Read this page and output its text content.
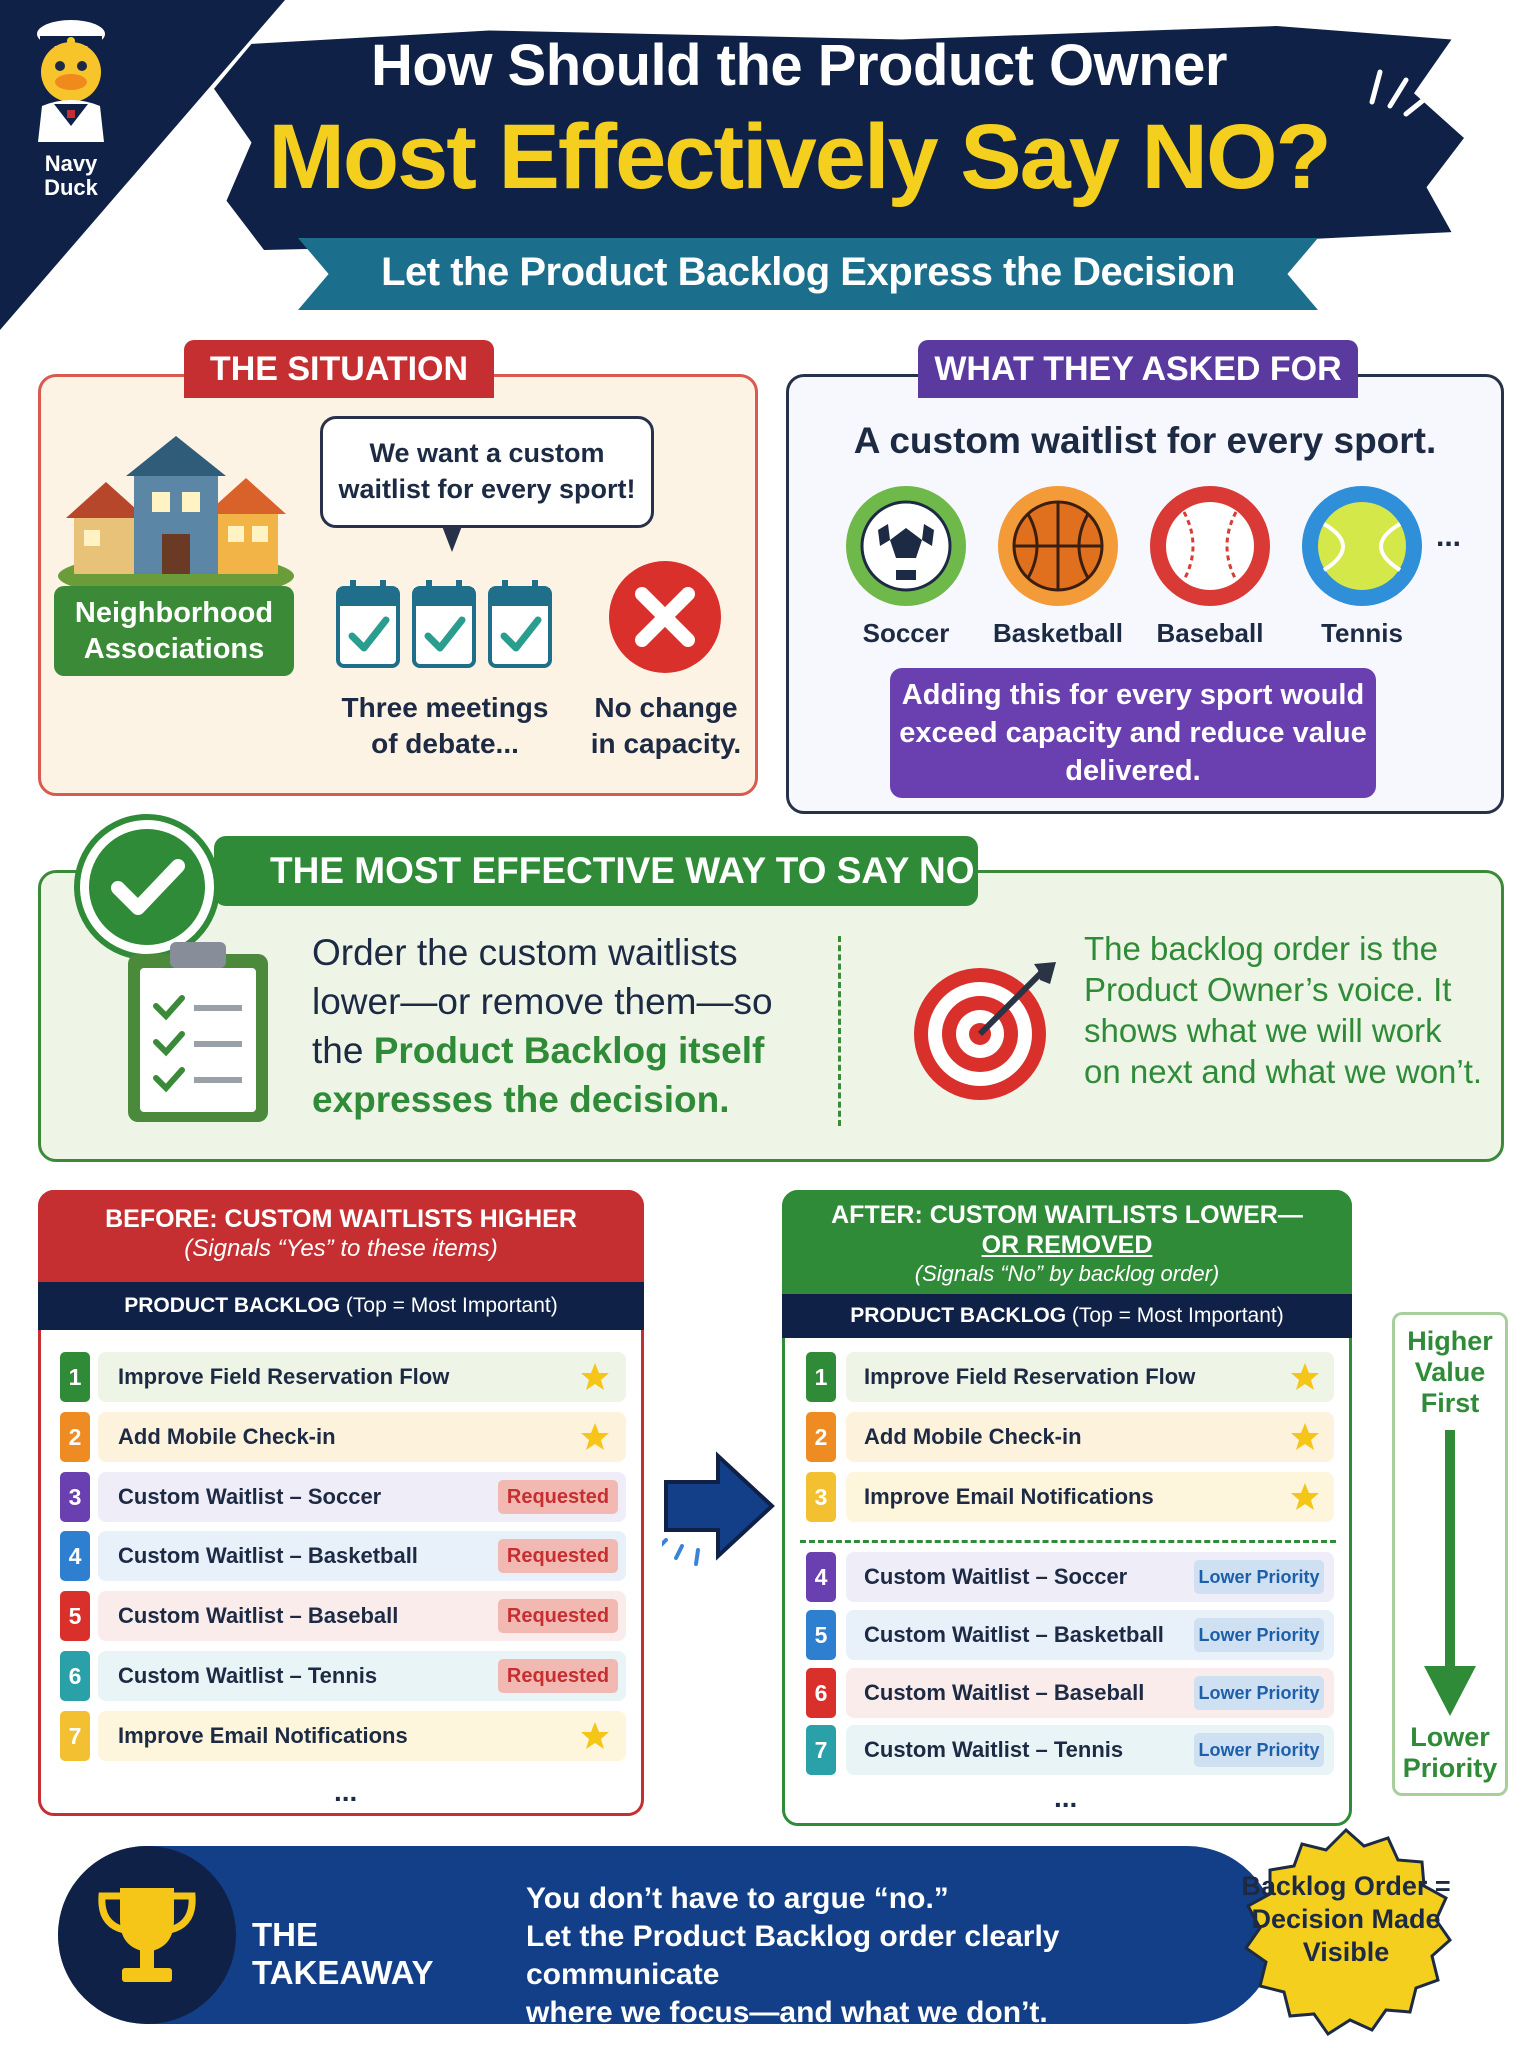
Navy Duck
How Should the Product Owner
Most Effectively Say NO?
Let the Product Backlog Express the Decision
THE SITUATION
Neighborhood Associations
We want a custom waitlist for every sport!
Three meetings of debate...
No change in capacity.
WHAT THEY ASKED FOR
A custom waitlist for every sport.
Soccer	Basketball	Baseball	Tennis
...
Adding this for every sport would exceed capacity and reduce value delivered.
THE MOST EFFECTIVE WAY TO SAY NO
Order the custom waitlists lower—or remove them—so the Product Backlog itself expresses the decision.
The backlog order is the Product Owner’s voice. It shows what we will work on next and what we won’t.
BEFORE: CUSTOM WAITLISTS HIGHER
(Signals “Yes” to these items)
PRODUCT BACKLOG (Top = Most Important)
1	Improve Field Reservation Flow
2	Add Mobile Check-in
3	Custom Waitlist – Soccer	Requested
4	Custom Waitlist – Basketball	Requested
5	Custom Waitlist – Baseball	Requested
6	Custom Waitlist – Tennis	Requested
7	Improve Email Notifications
...
AFTER: CUSTOM WAITLISTS LOWER—
OR REMOVED
(Signals “No” by backlog order)
PRODUCT BACKLOG (Top = Most Important)
1	Improve Field Reservation Flow
2	Add Mobile Check-in
3	Improve Email Notifications
4	Custom Waitlist – Soccer	Lower Priority
5	Custom Waitlist – Basketball Lower Priority
6	Custom Waitlist – Baseball	Lower Priority
7	Custom Waitlist – Tennis	Lower Priority
...
Higher Value First
Lower Priority
THE TAKEAWAY
You don’t have to argue “no.”
Let the Product Backlog order clearly communicate
where we focus—and what we don’t.
Backlog Order = Decision Made Visible
